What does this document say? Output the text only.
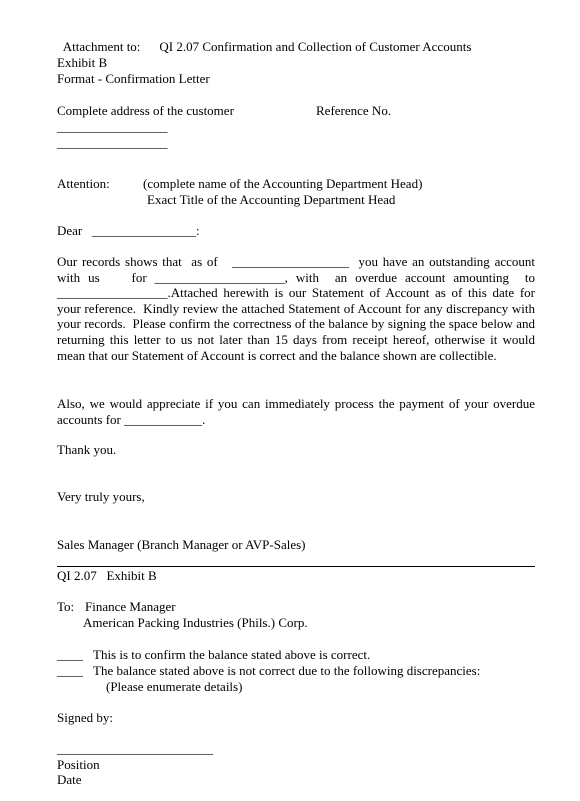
Attachment to: QI 2.07 Confirmation and Collection of Customer Accounts

Exhibit B
Format - Confirmation Letter
Complete address of the customer	Reference No.
_________________
_________________
Attention:	(complete name of the Accounting Department Head)
Exact Title of the Accounting Department Head
Dear   ________________:
Our records shows that  as of   __________________  you have an outstanding account with us    for ____________________, with  an overdue account amounting  to _________________.Attached herewith is our Statement of Account as of this date for your reference.  Kindly review the attached Statement of Account for any discrepancy with your records.  Please confirm the correctness of the balance by signing the space below and returning this letter to us not later than 15 days from receipt hereof, otherwise it would mean that our Statement of Account is correct and the balance shown are collectible.
Also, we would appreciate if you can immediately process the payment of your overdue accounts for ____________.
Thank you.
Very truly yours,
Sales Manager (Branch Manager or AVP-Sales)
QI 2.07   Exhibit B
To: Finance Manager
American Packing Industries (Phils.) Corp.
____ This is to confirm the balance stated above is correct.
____ The balance stated above is not correct due to the following discrepancies:
(Please enumerate details)
Signed by:
________________________
Position
Date
